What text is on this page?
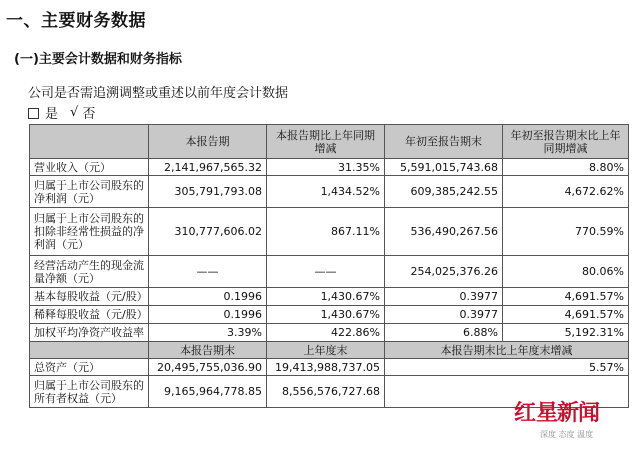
一、主要财务数据
(一)主要会计数据和财务指标
公司是否需追溯调整或重述以前年度会计数据
是 √ 否
	本报告期	本报告期比上年同期增减	年初至报告期末	年初至报告期末比上年同期增减
营业收入（元）	2,141,967,565.32	31.35%	5,591,015,743.68	8.80%
归属于上市公司股东的净利润（元）	305,791,793.08	1,434.52%	609,385,242.55	4,672.62%
归属于上市公司股东的扣除非经常性损益的净利润（元）	310,777,606.02	867.11%	536,490,267.56	770.59%
经营活动产生的现金流量净额（元）	——	——	254,025,376.26	80.06%
基本每股收益（元/股）	0.1996	1,430.67%	0.3977	4,691.57%
稀释每股收益（元/股）	0.1996	1,430.67%	0.3977	4,691.57%
加权平均净资产收益率	3.39%	422.86%	6.88%	5,192.31%
	本报告期末	上年度末	本报告期末比上年度末增减	
总资产（元）	20,495,755,036.90	19,413,988,737.05	5.57%	
归属于上市公司股东的所有者权益（元）	9,165,964,778.85	8,556,576,727.68		
红 星新闻
深度 态度 温度
